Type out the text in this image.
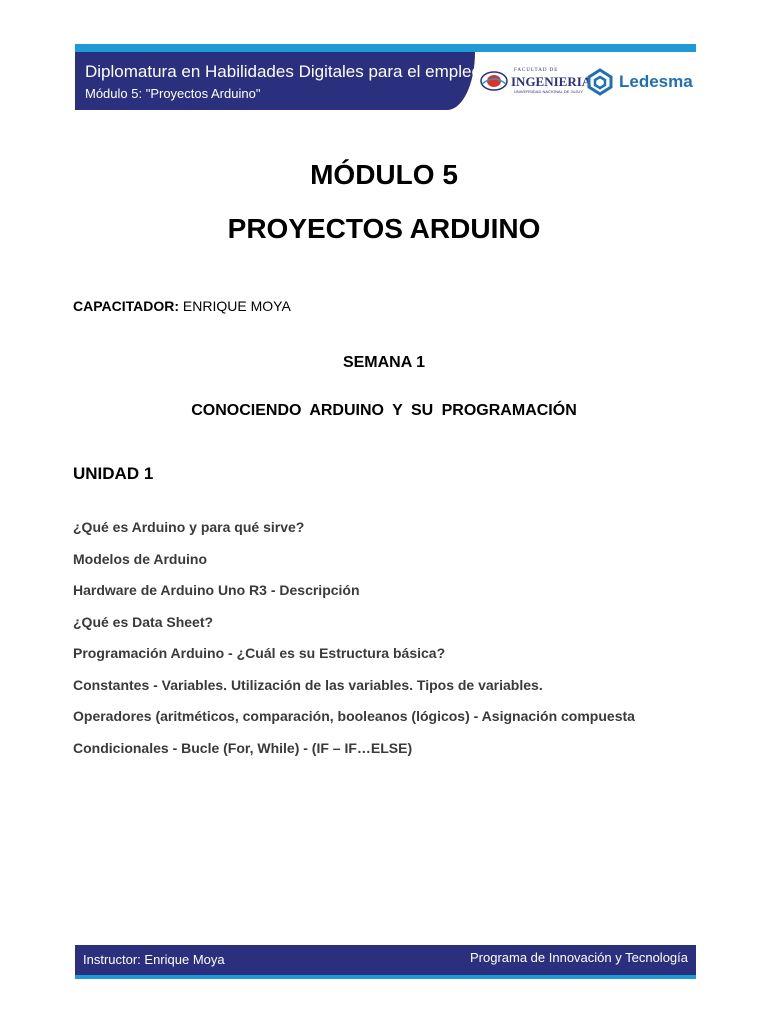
Diplomatura en Habilidades Digitales para el empleo.
Módulo 5: "Proyectos Arduino"
FACULTAD DE
INGENIERIA
UNIVERSIDAD NACIONAL DE JUJUY
Ledesma
MÓDULO 5
PROYECTOS ARDUINO
CAPACITADOR: ENRIQUE MOYA
SEMANA 1
CONOCIENDO ARDUINO Y SU PROGRAMACIÓN
UNIDAD 1
¿Qué es Arduino y para qué sirve?
Modelos de Arduino
Hardware de Arduino Uno R3 - Descripción
¿Qué es Data Sheet?
Programación Arduino - ¿Cuál es su Estructura básica?
Constantes - Variables. Utilización de las variables. Tipos de variables.
Operadores (aritméticos, comparación, booleanos (lógicos) - Asignación compuesta
Condicionales - Bucle (For, While) - (IF – IF…ELSE)
Instructor: Enrique Moya	Programa de Innovación y Tecnología
